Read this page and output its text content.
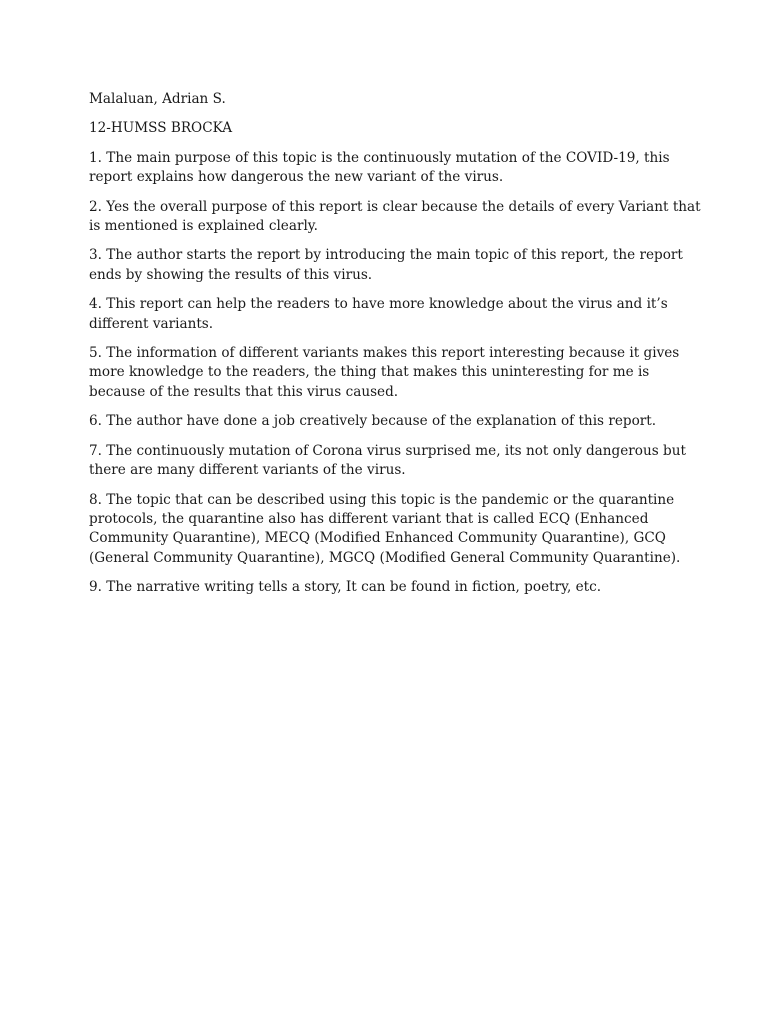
Malaluan, Adrian S.

12-HUMSS BROCKA

1. The main purpose of this topic is the continuously mutation of the COVID-19, this
report explains how dangerous the new variant of the virus.

2. Yes the overall purpose of this report is clear because the details of every Variant that
is mentioned is explained clearly.

3. The author starts the report by introducing the main topic of this report, the report
ends by showing the results of this virus.

4. This report can help the readers to have more knowledge about the virus and it’s
different variants.

5. The information of different variants makes this report interesting because it gives
more knowledge to the readers, the thing that makes this uninteresting for me is
because of the results that this virus caused.

6. The author have done a job creatively because of the explanation of this report.

7. The continuously mutation of Corona virus surprised me, its not only dangerous but
there are many different variants of the virus.

8. The topic that can be described using this topic is the pandemic or the quarantine
protocols, the quarantine also has different variant that is called ECQ (Enhanced
Community Quarantine), MECQ (Modified Enhanced Community Quarantine), GCQ
(General Community Quarantine), MGCQ (Modified General Community Quarantine).

9. The narrative writing tells a story, It can be found in fiction, poetry, etc.
